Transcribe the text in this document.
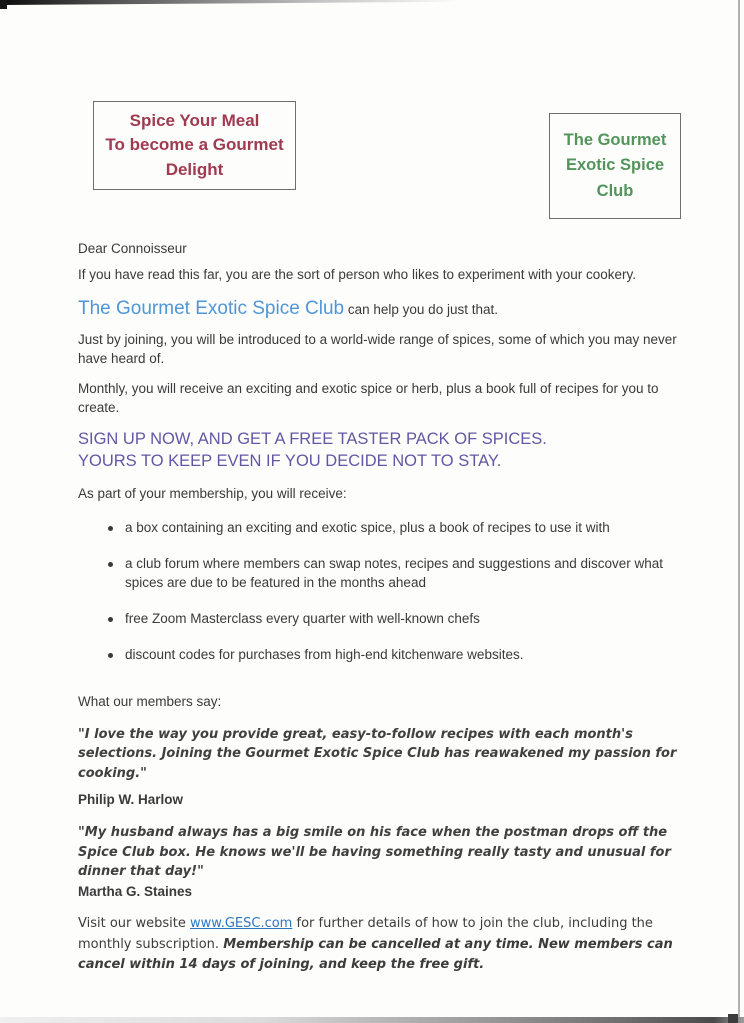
Spice Your Meal
To become a Gourmet
Delight
The Gourmet
Exotic Spice
Club

Dear Connoisseur

If you have read this far, you are the sort of person who likes to experiment with your cookery.

The Gourmet Exotic Spice Club can help you do just that.

Just by joining, you will be introduced to a world-wide range of spices, some of which you may never have heard of.

Monthly, you will receive an exciting and exotic spice or herb, plus a book full of recipes for you to create.

SIGN UP NOW, AND GET A FREE TASTER PACK OF SPICES.
YOURS TO KEEP EVEN IF YOU DECIDE NOT TO STAY.

As part of your membership, you will receive:

a box containing an exciting and exotic spice, plus a book of recipes to use it with
a club forum where members can swap notes, recipes and suggestions and discover what spices are due to be featured in the months ahead
free Zoom Masterclass every quarter with well-known chefs
discount codes for purchases from high-end kitchenware websites.

What our members say:

"I love the way you provide great, easy-to-follow recipes with each month's selections. Joining the Gourmet Exotic Spice Club has reawakened my passion for cooking."

Philip W. Harlow

"My husband always has a big smile on his face when the postman drops off the Spice Club box. He knows we'll be having something really tasty and unusual for dinner that day!"

Martha G. Staines

Visit our website www.GESC.com for further details of how to join the club, including the monthly subscription. Membership can be cancelled at any time. New members can cancel within 14 days of joining, and keep the free gift.
